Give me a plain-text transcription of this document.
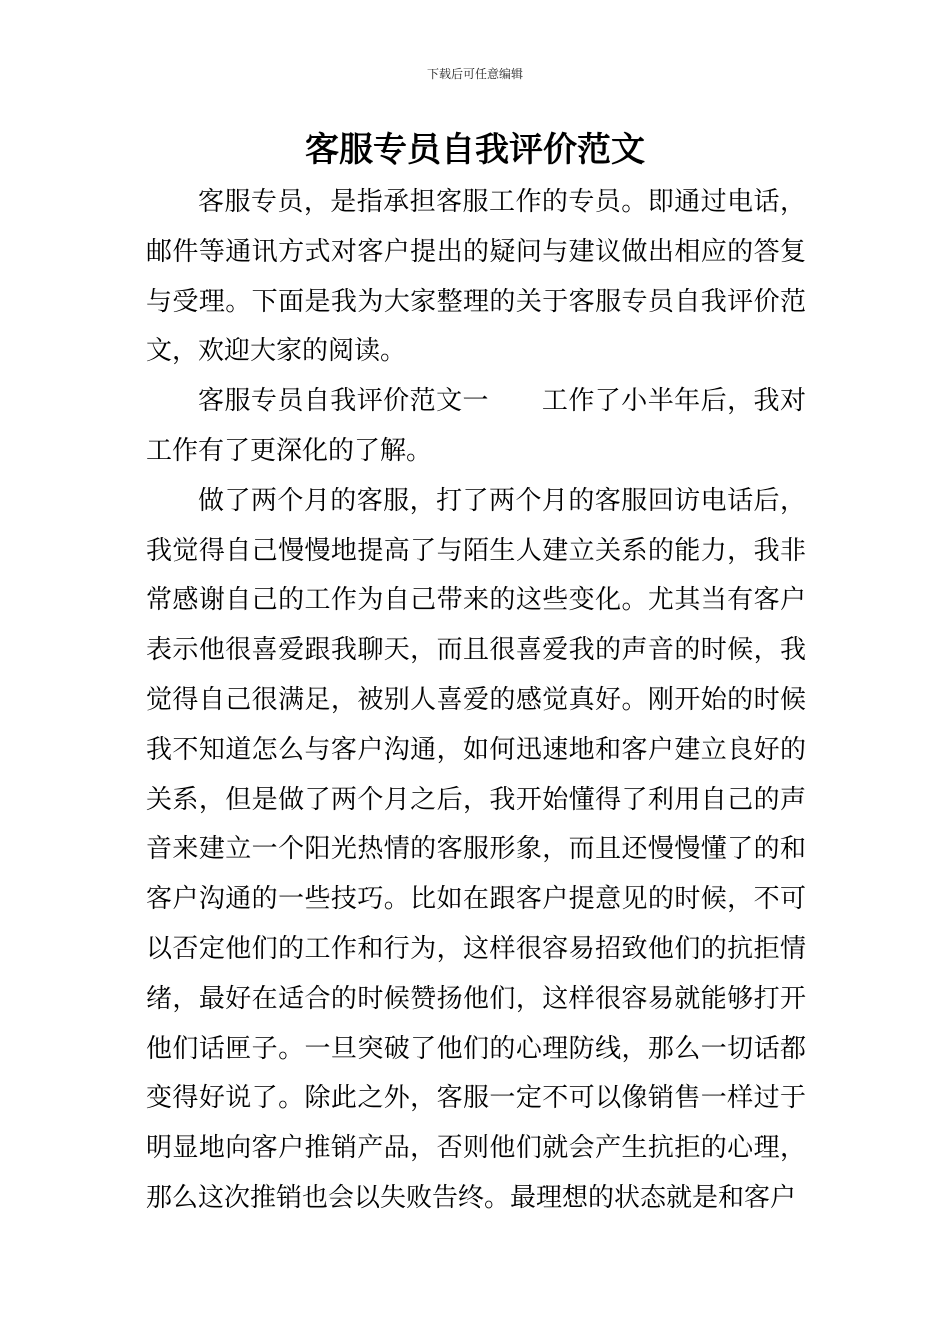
下载后可任意编辑
客服专员自我评价范文

客服专员，是指承担客服工作的专员。即通过电话，邮件等通讯方式对客户提出的疑问与建议做出相应的答复与受理。下面是我为大家整理的关于客服专员自我评价范文，欢迎大家的阅读。

客服专员自我评价范文一　　工作了小半年后，我对工作有了更深化的了解。

做了两个月的客服，打了两个月的客服回访电话后，我觉得自己慢慢地提高了与陌生人建立关系的能力，我非常感谢自己的工作为自己带来的这些变化。尤其当有客户表示他很喜爱跟我聊天，而且很喜爱我的声音的时候，我觉得自己很满足，被别人喜爱的感觉真好。刚开始的时候我不知道怎么与客户沟通，如何迅速地和客户建立良好的关系，但是做了两个月之后，我开始懂得了利用自己的声音来建立一个阳光热情的客服形象，而且还慢慢懂了的和客户沟通的一些技巧。比如在跟客户提意见的时候，不可以否定他们的工作和行为，这样很容易招致他们的抗拒情绪，最好在适合的时候赞扬他们，这样很容易就能够打开他们话匣子。一旦突破了他们的心理防线，那么一切话都变得好说了。除此之外，客服一定不可以像销售一样过于明显地向客户推销产品，否则他们就会产生抗拒的心理，那么这次推销也会以失败告终。最理想的状态就是和客户
